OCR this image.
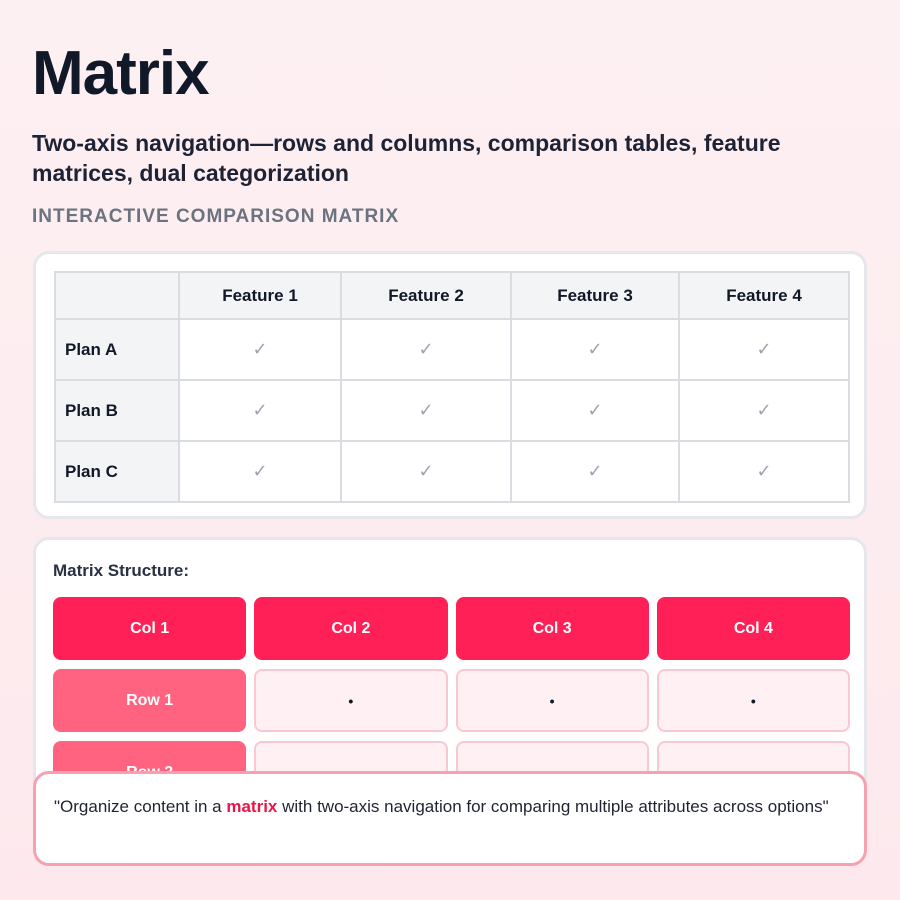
Matrix
Two-axis navigation—rows and columns, comparison tables, feature matrices, dual categorization
INTERACTIVE COMPARISON MATRIX
	Feature 1	Feature 2	Feature 3	Feature 4
Plan A	✓	✓	✓	✓
Plan B	✓	✓	✓	✓
Plan C	✓	✓	✓	✓
Matrix Structure:
Col 1	Col 2	Col 3	Col 4
Row 1	•	•	•
"Organize content in a matrix with two-axis navigation for comparing multiple attributes across options"
